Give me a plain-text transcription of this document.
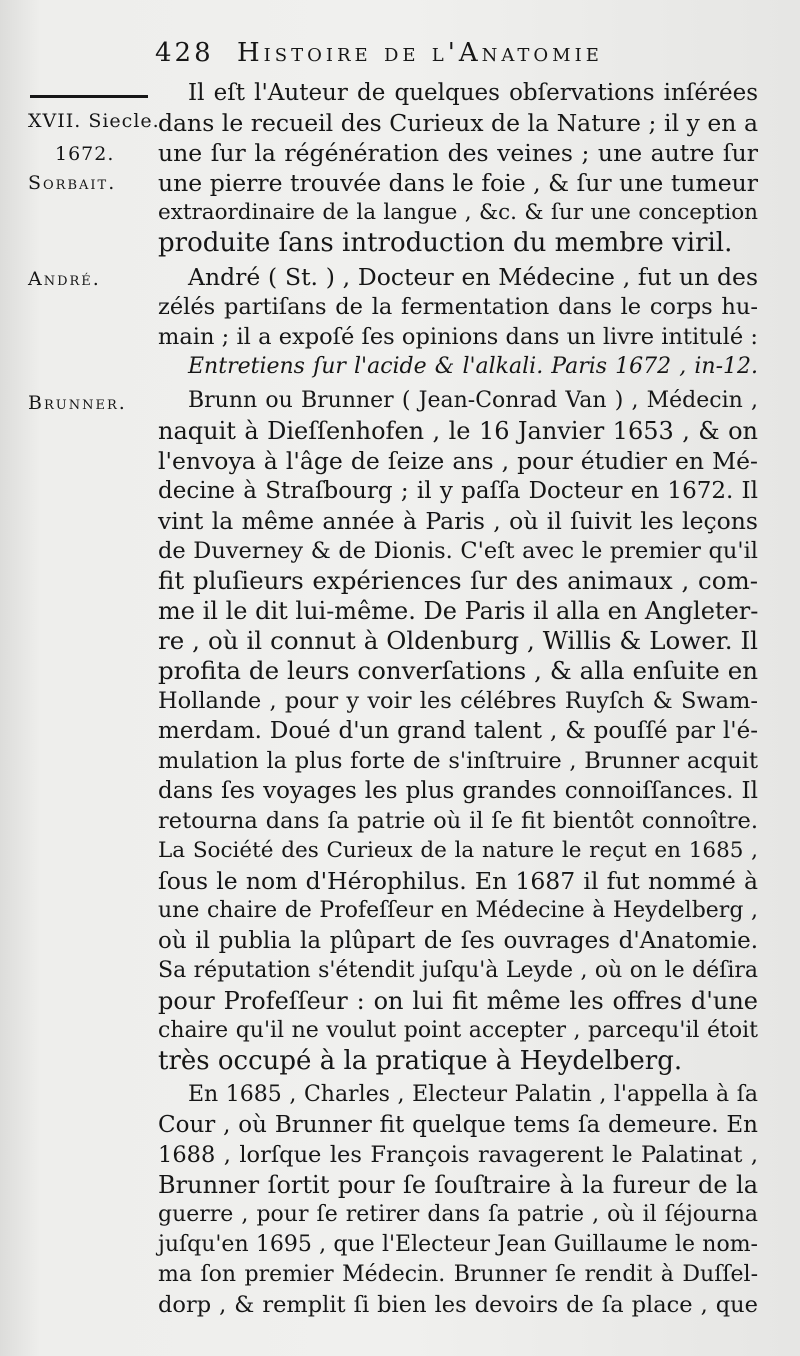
428 Histoire de l'Anatomie
XVII. Siecle.
1672.
Sorbait.
André.
Brunner.
Il eſt l'Auteur de quelques obſervations inſérées
dans le recueil des Curieux de la Nature ; il y en a
une ſur la régénération des veines ; une autre ſur
une pierre trouvée dans le foie , & ſur une tumeur
extraordinaire de la langue , &c. & ſur une conception
produite ſans introduction du membre viril.
André ( St. ) , Docteur en Médecine , fut un des
zélés partiſans de la fermentation dans le corps hu-
main ; il a expoſé ſes opinions dans un livre intitulé :
Entretiens ſur l'acide & l'alkali. Paris 1672 , in-12.
Brunn ou Brunner ( Jean-Conrad Van ) , Médecin ,
naquit à Dieſſenhofen , le 16 Janvier 1653 , & on
l'envoya à l'âge de ſeize ans , pour étudier en Mé-
decine à Straſbourg ; il y paſſa Docteur en 1672. Il
vint la même année à Paris , où il ſuivit les leçons
de Duverney & de Dionis. C'eſt avec le premier qu'il
fit pluſieurs expériences ſur des animaux , com-
me il le dit lui-même. De Paris il alla en Angleter-
re , où il connut à Oldenburg , Willis & Lower. Il
profita de leurs converſations , & alla enſuite en
Hollande , pour y voir les célébres Ruyſch & Swam-
merdam. Doué d'un grand talent , & pouſſé par l'é-
mulation la plus forte de s'inſtruire , Brunner acquit
dans ſes voyages les plus grandes connoiſſances. Il
retourna dans ſa patrie où il ſe fit bientôt connoître.
La Société des Curieux de la nature le reçut en 1685 ,
ſous le nom d'Hérophilus. En 1687 il fut nommé à
une chaire de Profeſſeur en Médecine à Heydelberg ,
où il publia la plûpart de ſes ouvrages d'Anatomie.
Sa réputation s'étendit juſqu'à Leyde , où on le déſira
pour Profeſſeur : on lui fit même les offres d'une
chaire qu'il ne voulut point accepter , parcequ'il étoit
très occupé à la pratique à Heydelberg.
En 1685 , Charles , Electeur Palatin , l'appella à ſa
Cour , où Brunner fit quelque tems ſa demeure. En
1688 , lorſque les François ravagerent le Palatinat ,
Brunner ſortit pour ſe ſouſtraire à la fureur de la
guerre , pour ſe retirer dans ſa patrie , où il ſéjourna
juſqu'en 1695 , que l'Electeur Jean Guillaume le nom-
ma ſon premier Médecin. Brunner ſe rendit à Duſſel-
dorp , & remplit ſi bien les devoirs de ſa place , que
